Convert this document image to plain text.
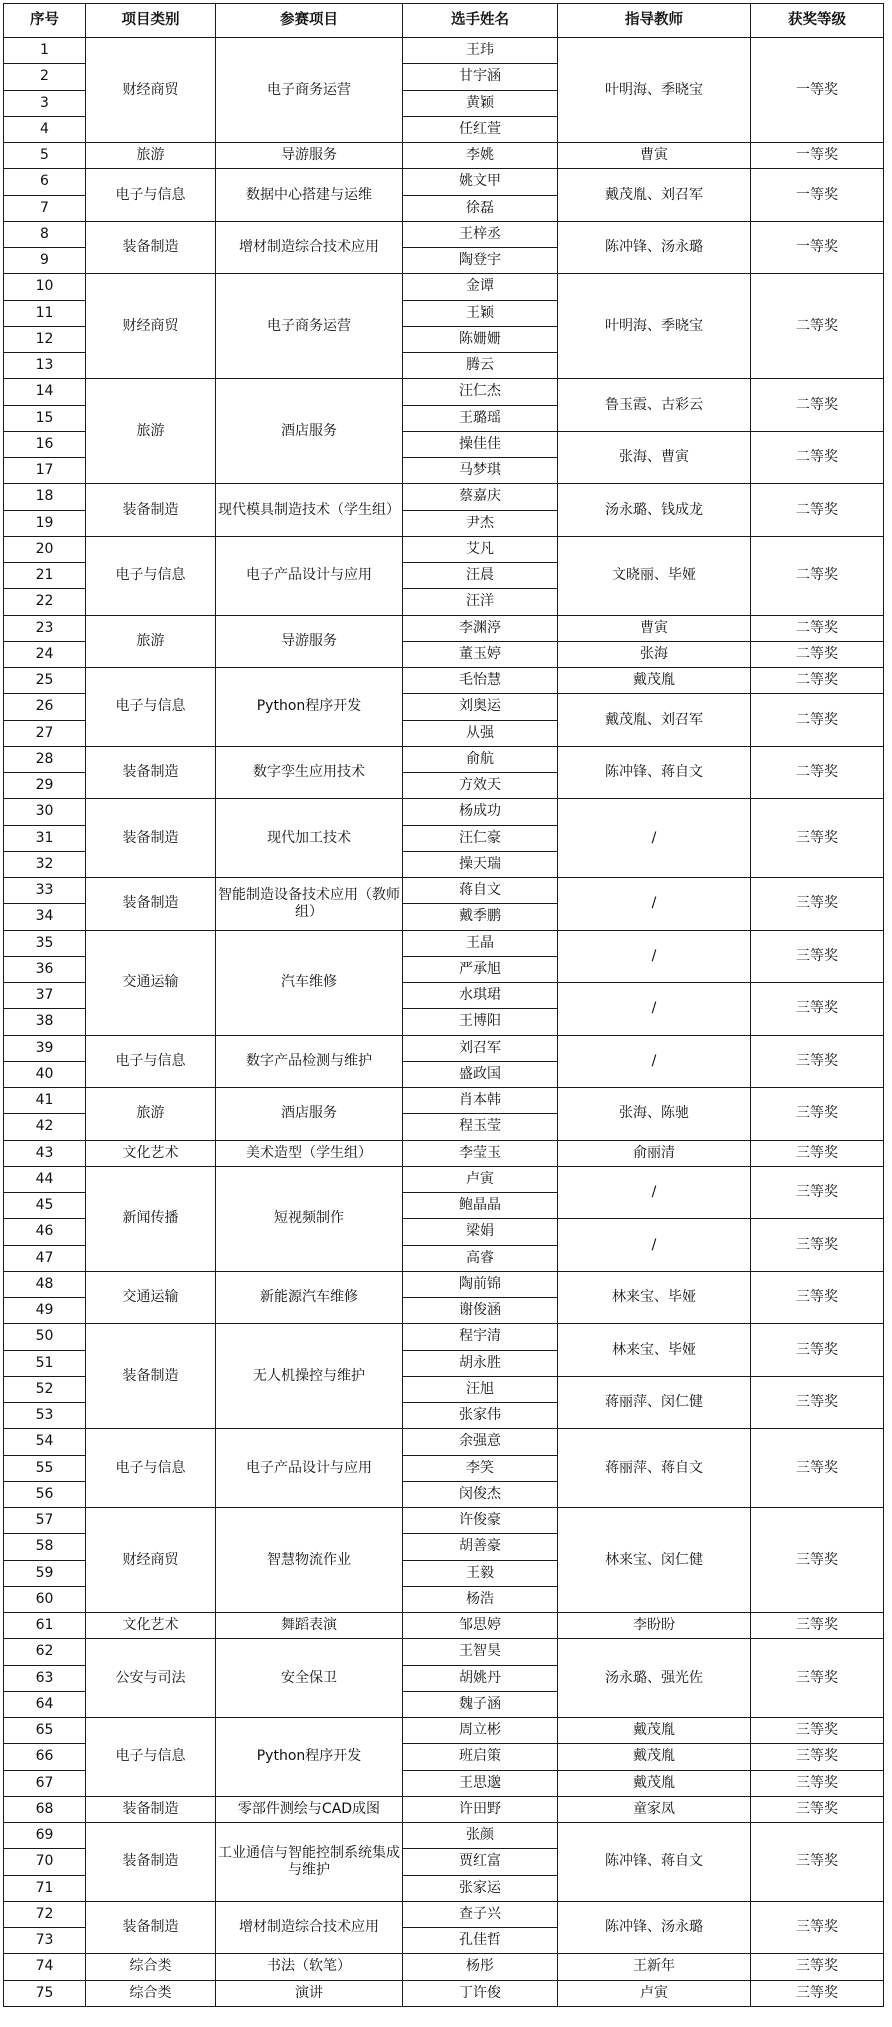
序号	项目类别	参赛项目	选手姓名	指导教师	获奖等级
1	财经商贸	电子商务运营	王玮	叶明海、季晓宝	一等奖
2			甘宇涵		
3			黄颖		
4			任红萱		
5	旅游	导游服务	李姚	曹寅	一等奖
6	电子与信息	数据中心搭建与运维	姚文甲	戴茂胤、刘召军	一等奖
7			徐磊		
8	装备制造	增材制造综合技术应用	王梓丞	陈冲锋、汤永璐	一等奖
9			陶登宇		
10	财经商贸	电子商务运营	金谭	叶明海、季晓宝	二等奖
11			王颖		
12			陈姗姗		
13			腾云		
14	旅游	酒店服务	汪仁杰	鲁玉霞、古彩云	二等奖
15			王璐瑶		
16			操佳佳	张海、曹寅	二等奖
17			马梦琪		
18	装备制造	现代模具制造技术（学生组）	蔡嘉庆	汤永璐、钱成龙	二等奖
19			尹杰		
20	电子与信息	电子产品设计与应用	艾凡	文晓丽、毕娅	二等奖
21			汪晨		
22			汪洋		
23	旅游	导游服务	李渊渟	曹寅	二等奖
24			董玉婷	张海	二等奖
25	电子与信息	Python程序开发	毛怡慧	戴茂胤	二等奖
26			刘奥运	戴茂胤、刘召军	二等奖
27			从强		
28	装备制造	数字孪生应用技术	俞航	陈冲锋、蒋自文	二等奖
29			方效天		
30	装备制造	现代加工技术	杨成功	/	三等奖
31			汪仁豪		
32			操天瑞		
33	装备制造	智能制造设备技术应用（教师组）	蒋自文	/	三等奖
34			戴季鹏		
35	交通运输	汽车维修	王晶	/	三等奖
36			严承旭		
37			水琪珺	/	三等奖
38			王博阳		
39	电子与信息	数字产品检测与维护	刘召军	/	三等奖
40			盛政国		
41	旅游	酒店服务	肖本韩	张海、陈驰	三等奖
42			程玉莹		
43	文化艺术	美术造型（学生组）	李莹玉	俞丽清	三等奖
44	新闻传播	短视频制作	卢寅	/	三等奖
45			鲍晶晶		
46			梁娟	/	三等奖
47			高睿		
48	交通运输	新能源汽车维修	陶前锦	林来宝、毕娅	三等奖
49			谢俊涵		
50	装备制造	无人机操控与维护	程宇清	林来宝、毕娅	三等奖
51			胡永胜		
52			汪旭	蒋丽萍、闵仁健	三等奖
53			张家伟		
54	电子与信息	电子产品设计与应用	余强意	蒋丽萍、蒋自文	三等奖
55			李笑		
56			闵俊杰		
57	财经商贸	智慧物流作业	许俊豪	林来宝、闵仁健	三等奖
58			胡善豪		
59			王毅		
60			杨浩		
61	文化艺术	舞蹈表演	邹思婷	李盼盼	三等奖
62	公安与司法	安全保卫	王智昊	汤永璐、强光佐	三等奖
63			胡姚丹		
64			魏子涵		
65	电子与信息	Python程序开发	周立彬	戴茂胤	三等奖
66			班启策	戴茂胤	三等奖
67			王思邈	戴茂胤	三等奖
68	装备制造	零部件测绘与CAD成图	许田野	童家凤	三等奖
69	装备制造	工业通信与智能控制系统集成与维护	张颜	陈冲锋、蒋自文	三等奖
70			贾红富		
71			张家运		
72	装备制造	增材制造综合技术应用	查子兴	陈冲锋、汤永璐	三等奖
73			孔佳哲		
74	综合类	书法（软笔）	杨彤	王新年	三等奖
75	综合类	演讲	丁许俊	卢寅	三等奖
